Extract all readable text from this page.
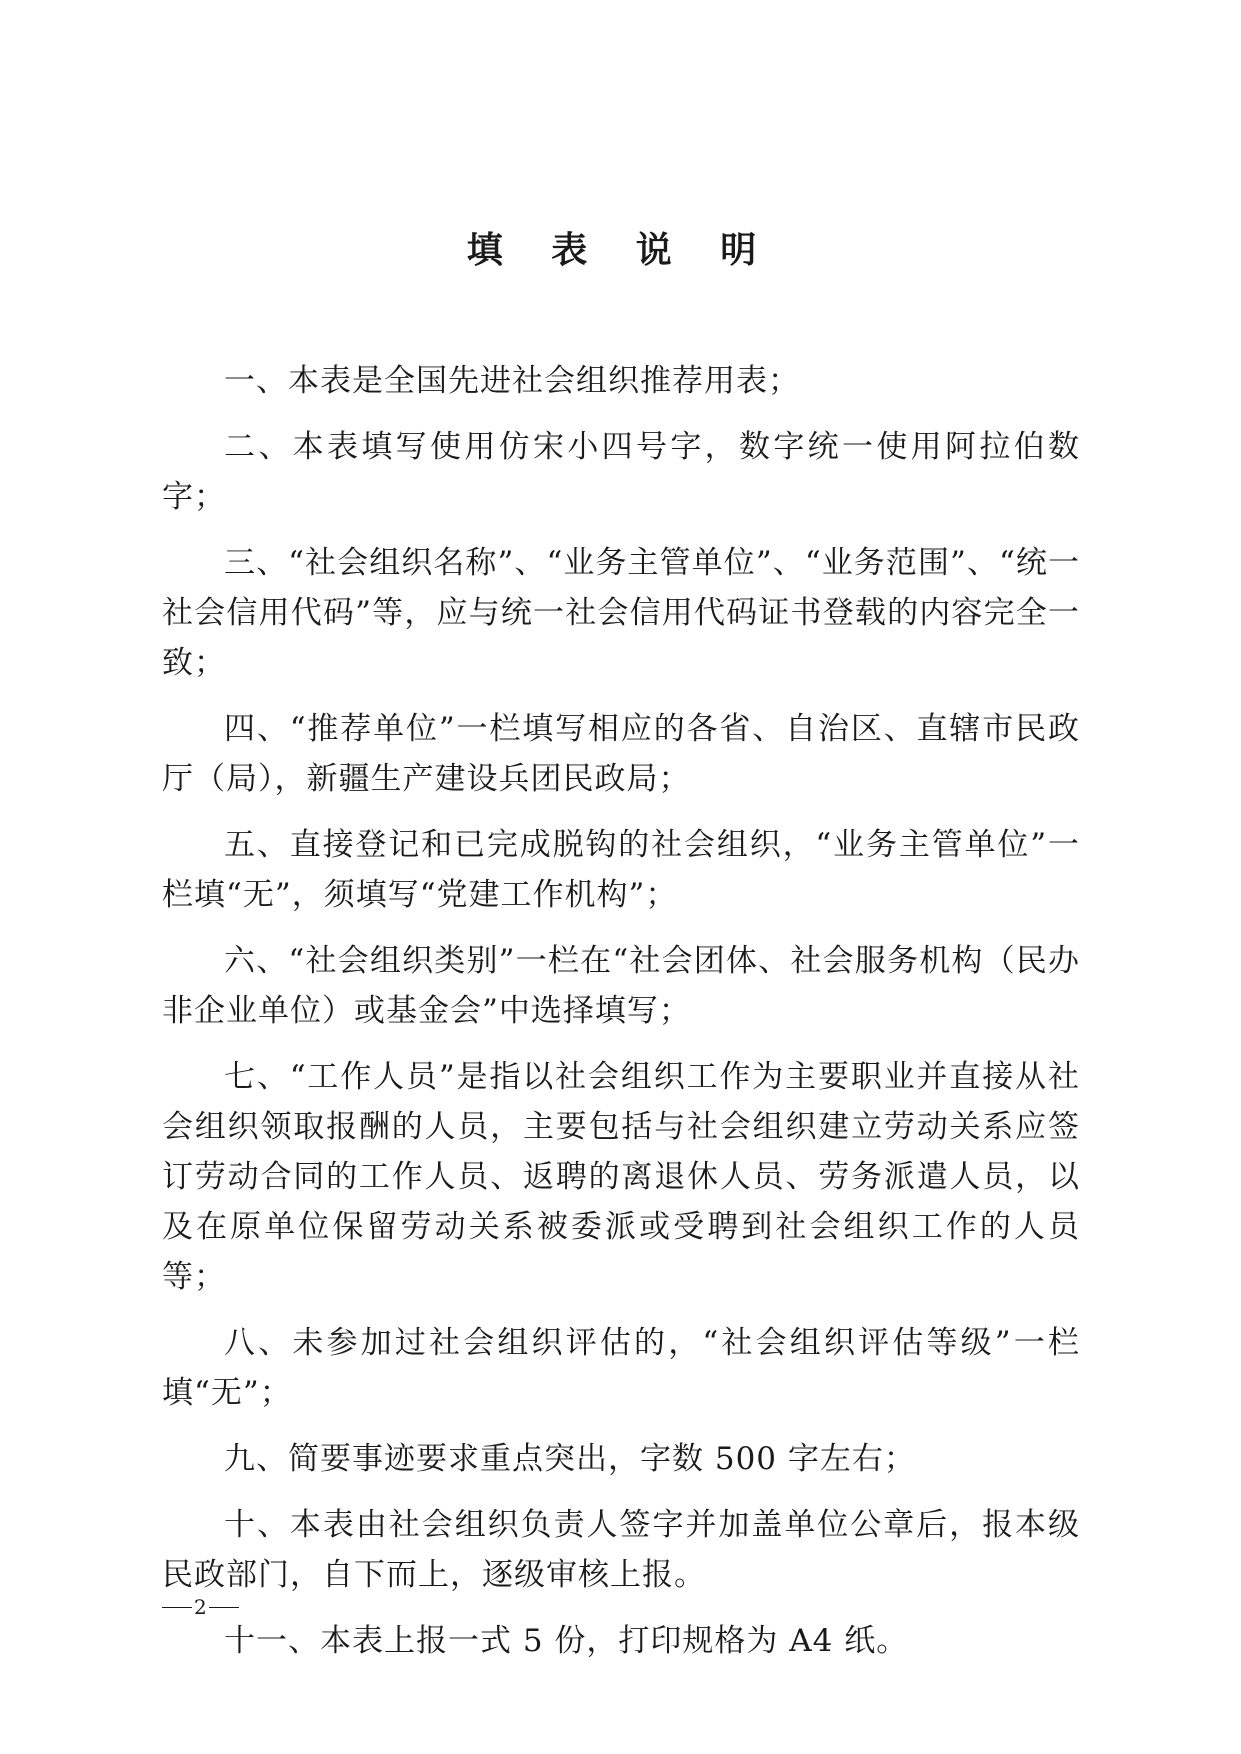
填 表 说 明

一、本表是全国先进社会组织推荐用表；

二、本表填写使用仿宋小四号字，数字统一使用阿拉伯数字；

三、“社会组织名称”、“业务主管单位”、“业务范围”、“统一社会信用代码”等，应与统一社会信用代码证书登载的内容完全一致；

四、“推荐单位”一栏填写相应的各省、自治区、直辖市民政厅（局），新疆生产建设兵团民政局；

五、直接登记和已完成脱钩的社会组织，“业务主管单位”一栏填“无”，须填写“党建工作机构”；

六、“社会组织类别”一栏在“社会团体、社会服务机构（民办非企业单位）或基金会”中选择填写；

七、“工作人员”是指以社会组织工作为主要职业并直接从社会组织领取报酬的人员，主要包括与社会组织建立劳动关系应签订劳动合同的工作人员、返聘的离退休人员、劳务派遣人员，以及在原单位保留劳动关系被委派或受聘到社会组织工作的人员等；

八、未参加过社会组织评估的，“社会组织评估等级”一栏填“无”；

九、简要事迹要求重点突出，字数 500 字左右；

十、本表由社会组织负责人签字并加盖单位公章后，报本级民政部门，自下而上，逐级审核上报。

十一、本表上报一式 5 份，打印规格为 A4 纸。

2
